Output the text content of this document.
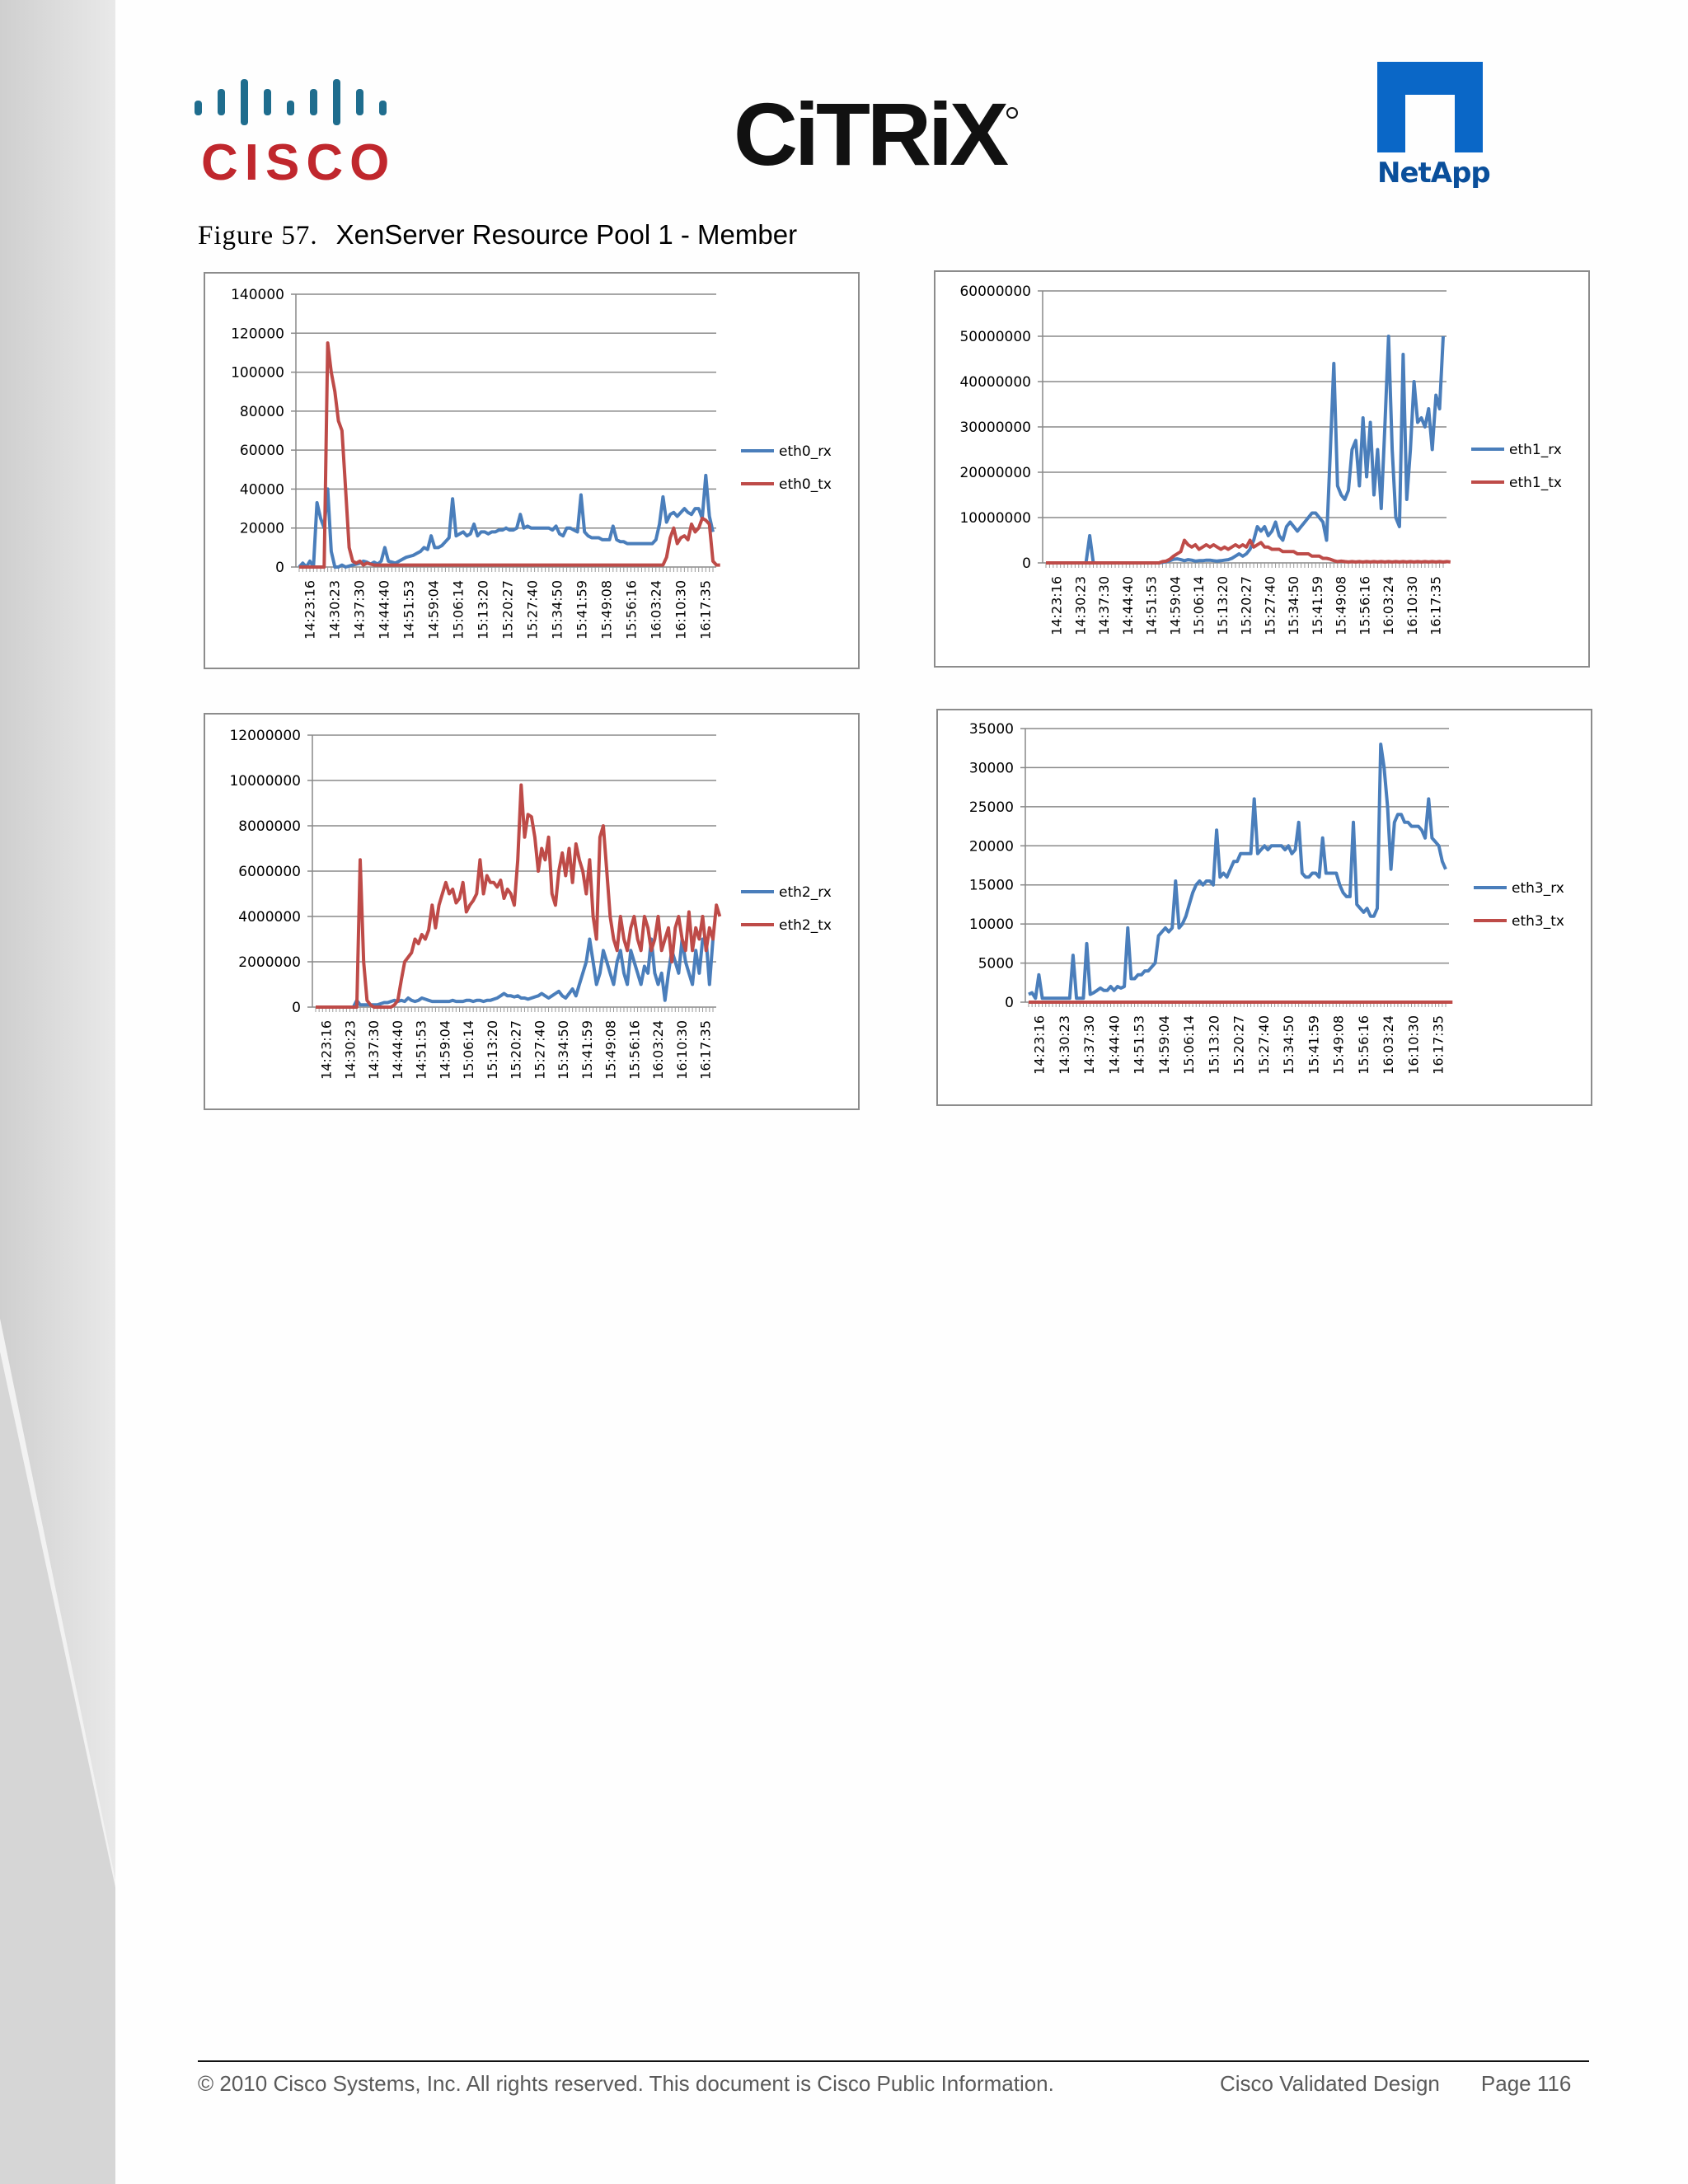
CISCO	CiTRiX	NetApp
Figure 57. XenServer Resource Pool 1 - Member
0
20000
40000
60000
80000
100000
120000
140000
14:23:16 14:30:23 14:37:30 14:44:40 14:51:53 14:59:04 15:06:14 15:13:20 15:20:27 15:27:40 15:34:50 15:41:59 15:49:08 15:56:16 16:03:24 16:10:30 16:17:35
eth0_rx
eth0_tx
0
10000000
20000000
30000000
40000000
50000000
60000000
14:23:16 14:30:23 14:37:30 14:44:40 14:51:53 14:59:04 15:06:14 15:13:20 15:20:27 15:27:40 15:34:50 15:41:59 15:49:08 15:56:16 16:03:24 16:10:30 16:17:35
eth1_rx
eth1_tx
0
2000000
4000000
6000000
8000000
10000000
12000000
14:23:16 14:30:23 14:37:30 14:44:40 14:51:53 14:59:04 15:06:14 15:13:20 15:20:27 15:27:40 15:34:50 15:41:59 15:49:08 15:56:16 16:03:24 16:10:30 16:17:35
eth2_rx
eth2_tx
0
5000
10000
15000
20000
25000
30000
35000
14:23:16 14:30:23 14:37:30 14:44:40 14:51:53 14:59:04 15:06:14 15:13:20 15:20:27 15:27:40 15:34:50 15:41:59 15:49:08 15:56:16 16:03:24 16:10:30 16:17:35
eth3_rx
eth3_tx
© 2010 Cisco Systems, Inc. All rights reserved. This document is Cisco Public Information.	Cisco Validated Design Page 116
